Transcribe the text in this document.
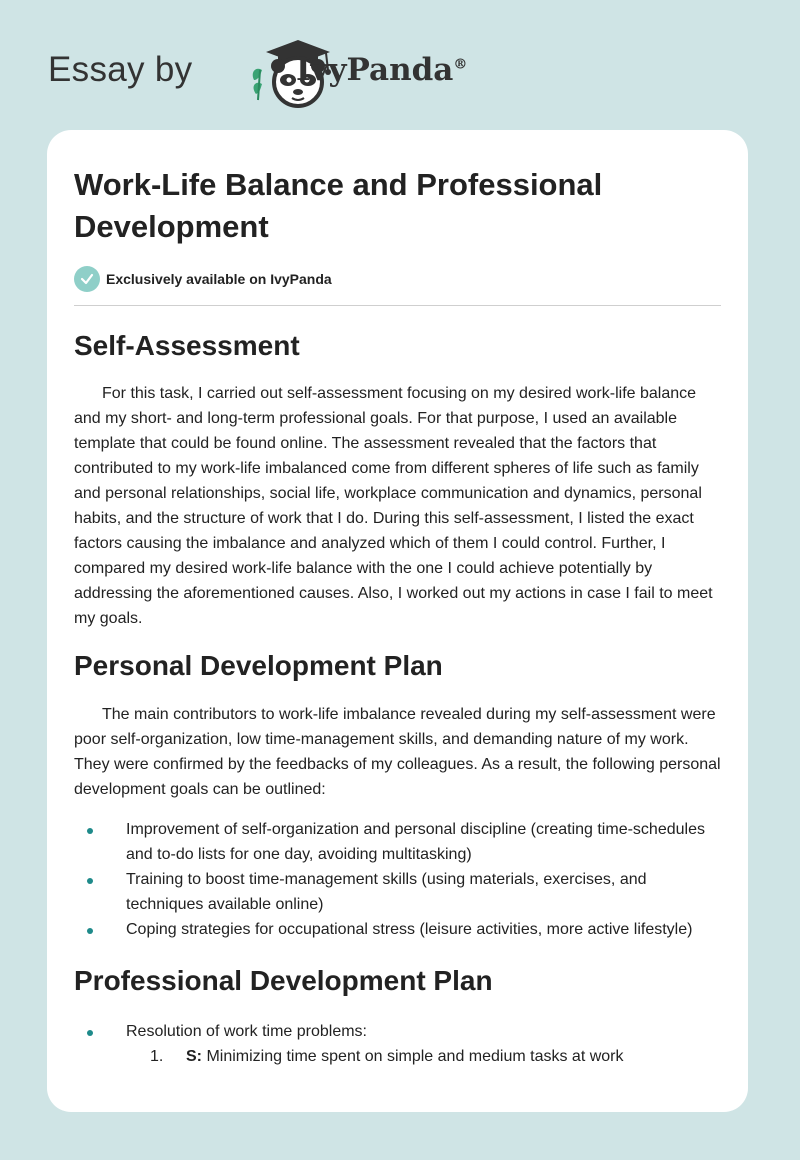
Essay by	IvyPanda®
Work-Life Balance and Professional Development
Exclusively available on IvyPanda
Self-Assessment

For this task, I carried out self-assessment focusing on my desired work-life balance and my short- and long-term professional goals. For that purpose, I used an available template that could be found online. The assessment revealed that the factors that contributed to my work-life imbalanced come from different spheres of life such as family and personal relationships, social life, workplace communication and dynamics, personal habits, and the structure of work that I do. During this self-assessment, I listed the exact factors causing the imbalance and analyzed which of them I could control. Further, I compared my desired work-life balance with the one I could achieve potentially by addressing the aforementioned causes. Also, I worked out my actions in case I fail to meet my goals.

Personal Development Plan

The main contributors to work-life imbalance revealed during my self-assessment were poor self-organization, low time-management skills, and demanding nature of my work. They were confirmed by the feedbacks of my colleagues. As a result, the following personal development goals can be outlined:

Improvement of self-organization and personal discipline (creating time-schedules and to-do lists for one day, avoiding multitasking)
Training to boost time-management skills (using materials, exercises, and techniques available online)
Coping strategies for occupational stress (leisure activities, more active lifestyle)
Professional Development Plan
Resolution of work time problems:
1. S: Minimizing time spent on simple and medium tasks at work
